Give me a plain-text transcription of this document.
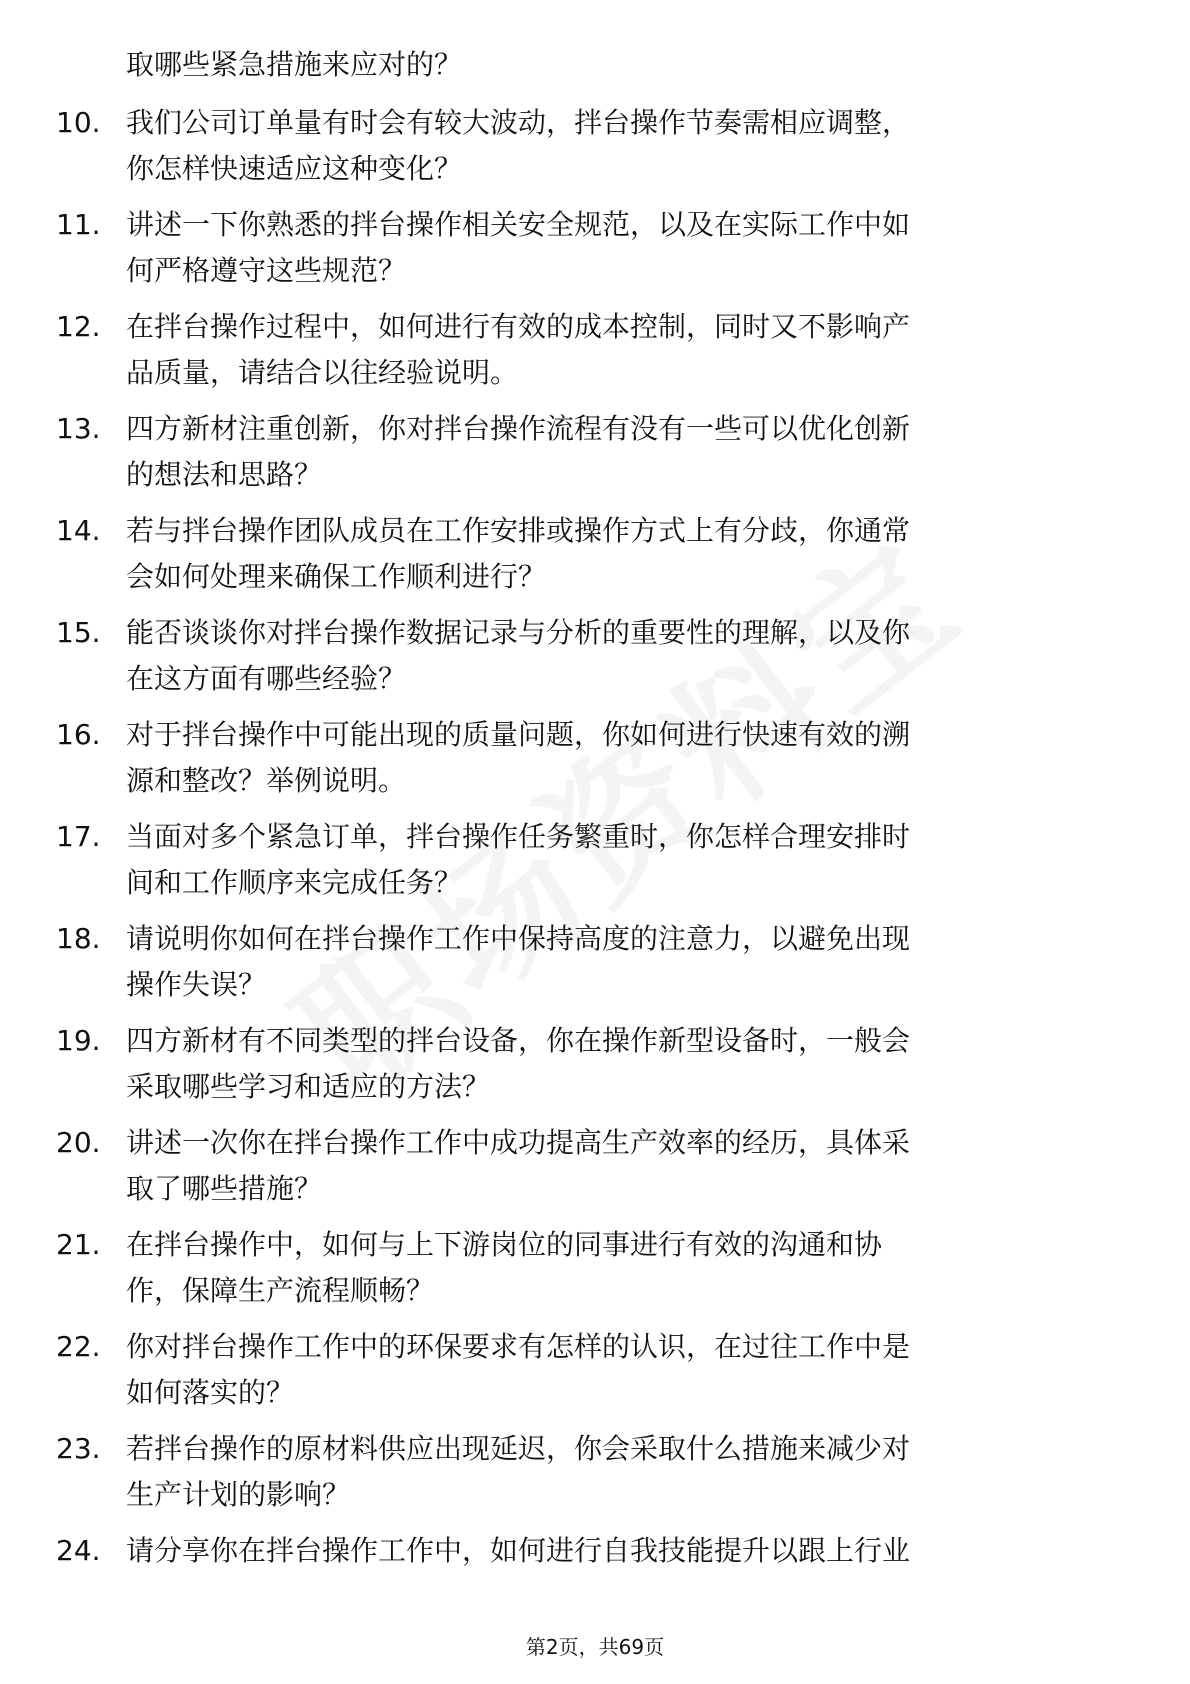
取哪些紧急措施来应对的？
10. 我们公司订单量有时会有较大波动，拌台操作节奏需相应调整，
你怎样快速适应这种变化？
11. 讲述一下你熟悉的拌台操作相关安全规范，以及在实际工作中如
何严格遵守这些规范？
12. 在拌台操作过程中，如何进行有效的成本控制，同时又不影响产
品质量，请结合以往经验说明。
13. 四方新材注重创新，你对拌台操作流程有没有一些可以优化创新
的想法和思路？
14. 若与拌台操作团队成员在工作安排或操作方式上有分歧，你通常
会如何处理来确保工作顺利进行？
15. 能否谈谈你对拌台操作数据记录与分析的重要性的理解，以及你
在这方面有哪些经验？
16. 对于拌台操作中可能出现的质量问题，你如何进行快速有效的溯
源和整改？举例说明。
17. 当面对多个紧急订单，拌台操作任务繁重时，你怎样合理安排时
间和工作顺序来完成任务？
18. 请说明你如何在拌台操作工作中保持高度的注意力，以避免出现
操作失误？
19. 四方新材有不同类型的拌台设备，你在操作新型设备时，一般会
采取哪些学习和适应的方法？
20. 讲述一次你在拌台操作工作中成功提高生产效率的经历，具体采
取了哪些措施？
21. 在拌台操作中，如何与上下游岗位的同事进行有效的沟通和协
作，保障生产流程顺畅？
22. 你对拌台操作工作中的环保要求有怎样的认识，在过往工作中是
如何落实的？
23. 若拌台操作的原材料供应出现延迟，你会采取什么措施来减少对
生产计划的影响？
24. 请分享你在拌台操作工作中，如何进行自我技能提升以跟上行业
第2页，共69页
